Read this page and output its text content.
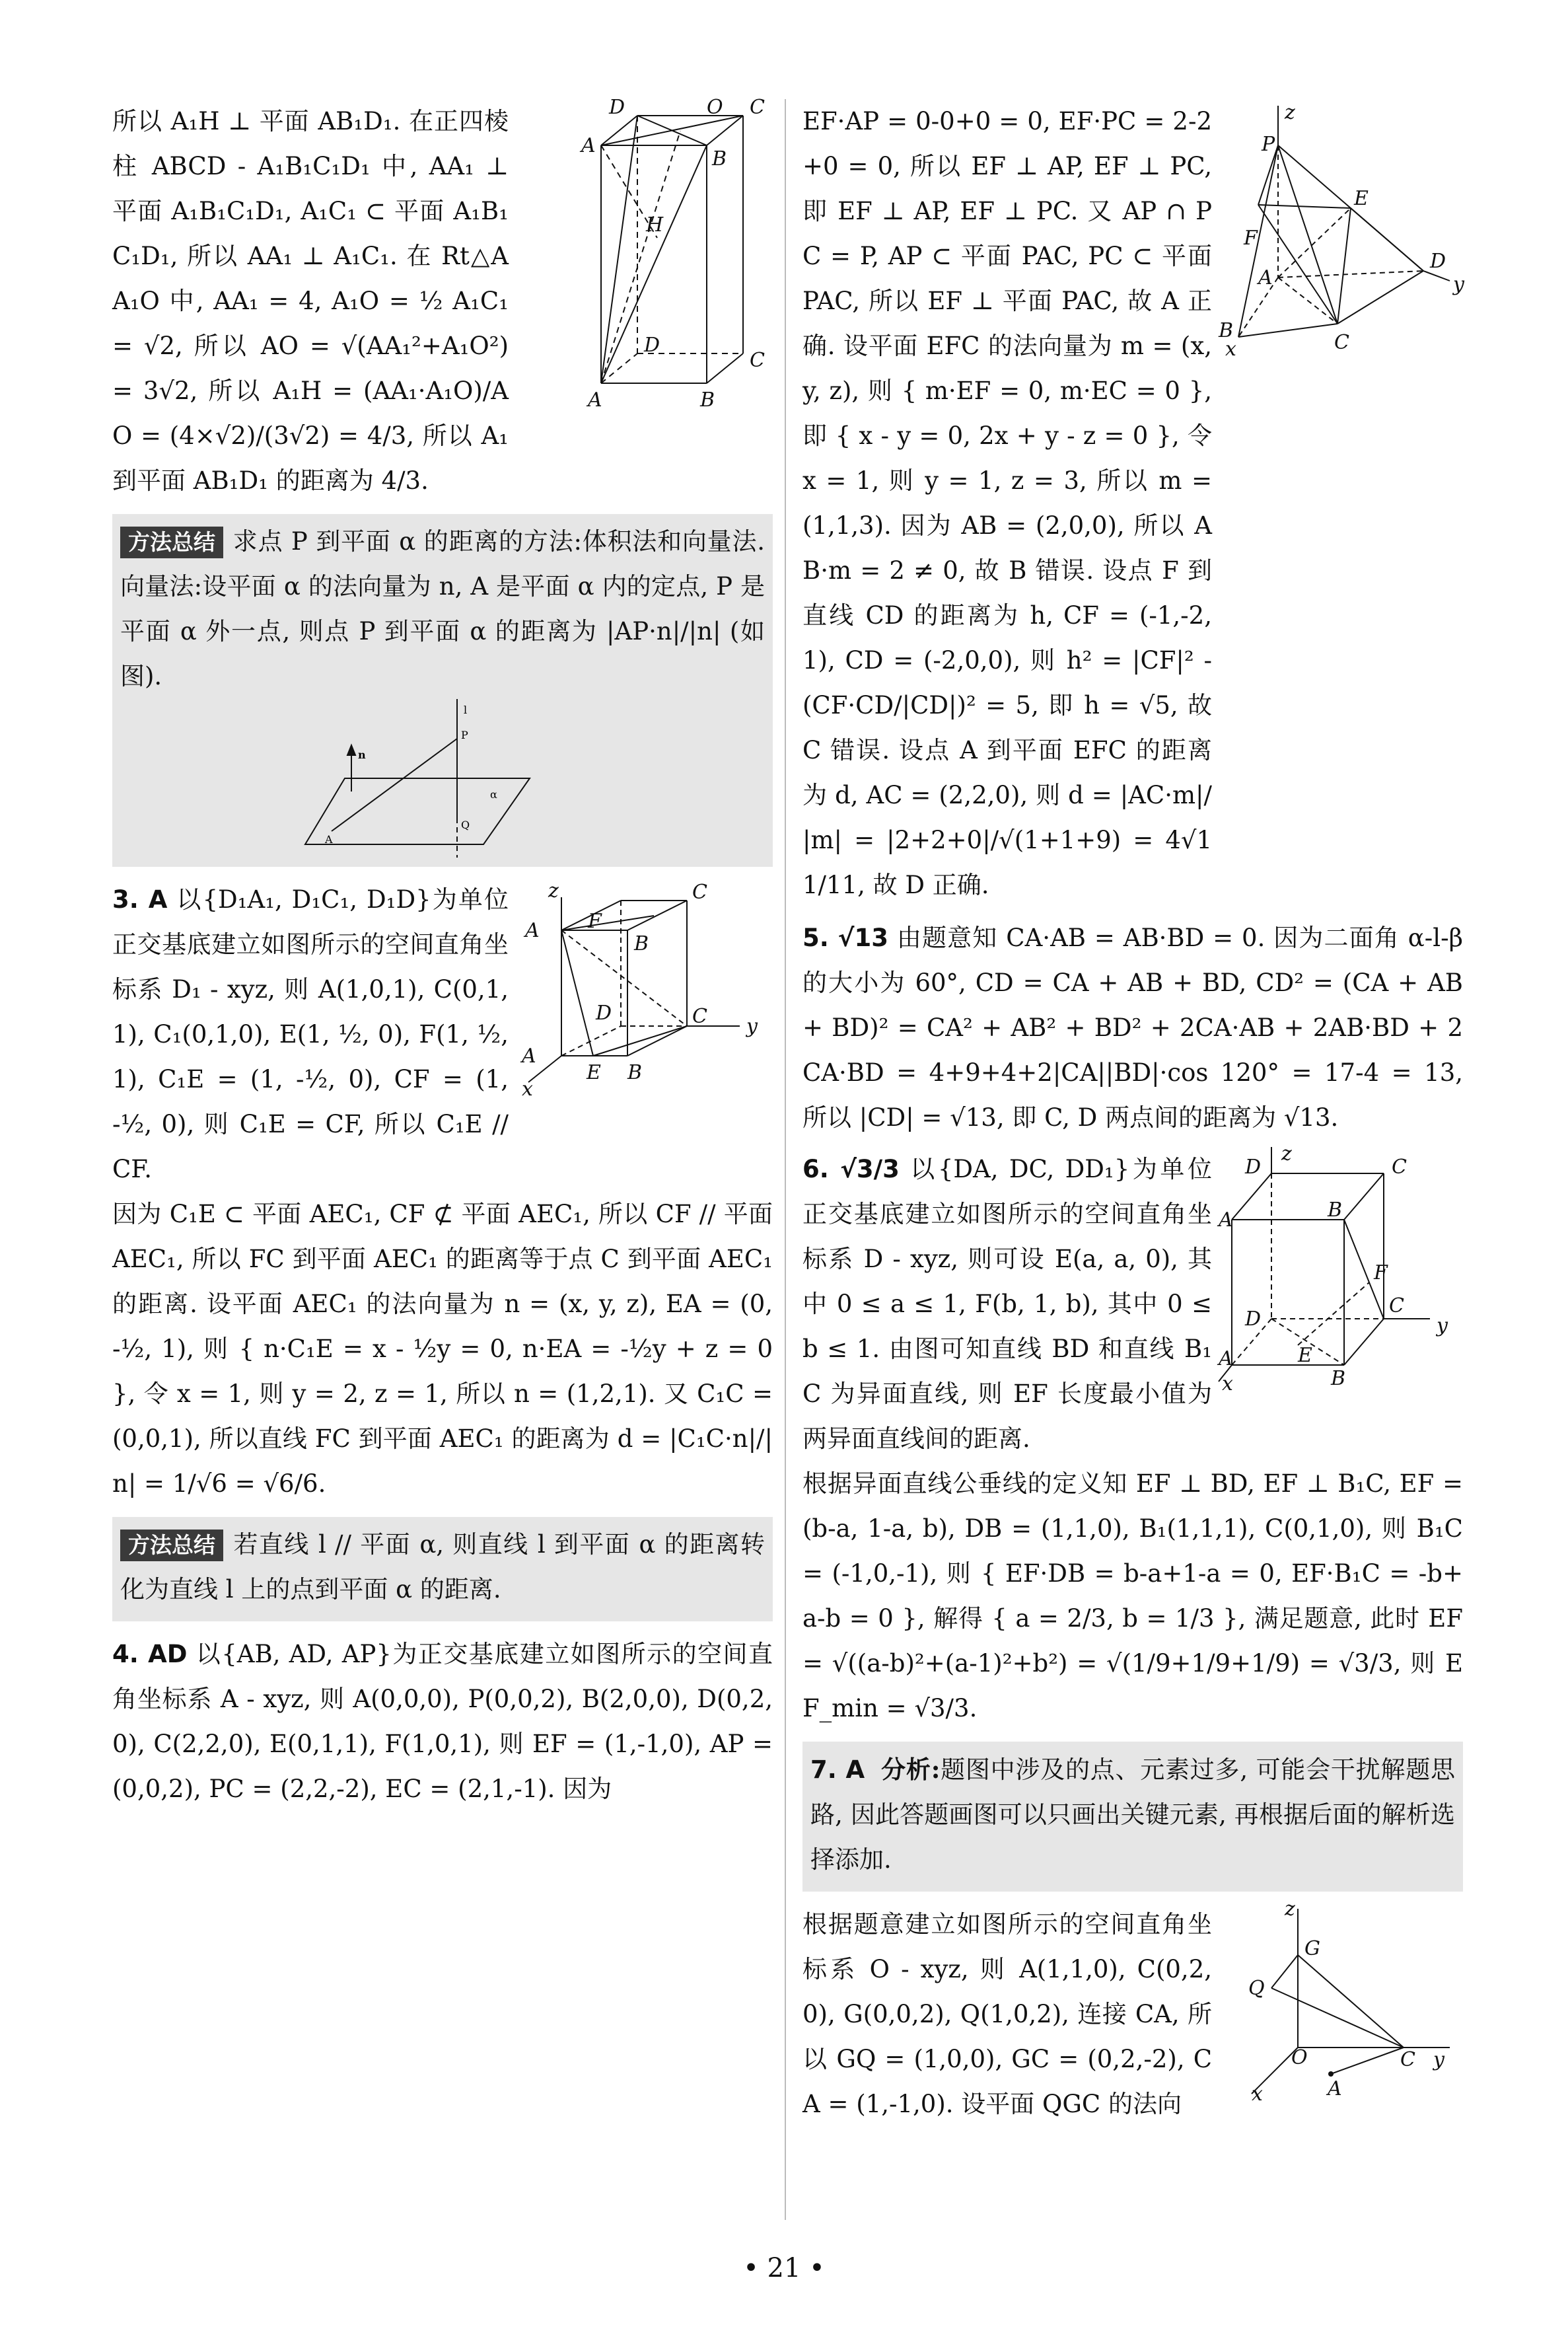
D	O C
A
B
H
D
C
A	B

所以 A₁H ⊥ 平面 AB₁D₁. 在正四棱柱 ABCD - A₁B₁C₁D₁ 中, AA₁ ⊥ 平面 A₁B₁C₁D₁, A₁C₁ ⊂ 平面 A₁B₁C₁D₁, 所以 AA₁ ⊥ A₁C₁. 在 Rt△AA₁O 中, AA₁ = 4, A₁O = ½ A₁C₁ = √2, 所以 AO = √(AA₁²+A₁O²) = 3√2, 所以 A₁H = (AA₁·A₁O)/AO = (4×√2)/(3√2) = 4/3, 所以 A₁ 到平面 AB₁D₁ 的距离为 4/3.

方法总结 求点 P 到平面 α 的距离的方法:体积法和向量法. 向量法:设平面 α 的法向量为 n, A 是平面 α 内的定点, P 是平面 α 外一点, 则点 P 到平面 α 的距离为 |AP·n|/|n| (如图).

l
P
n
α
Q
A
z	C
F
A
B
D	C y
A
E B
x

3. A 以{D₁A₁, D₁C₁, D₁D}为单位正交基底建立如图所示的空间直角坐标系 D₁ - xyz, 则 A(1,0,1), C(0,1,1), C₁(0,1,0), E(1, ½, 0), F(1, ½, 1), C₁E = (1, -½, 0), CF = (1, -½, 0), 则 C₁E = CF, 所以 C₁E // CF.

因为 C₁E ⊂ 平面 AEC₁, CF ⊄ 平面 AEC₁, 所以 CF // 平面 AEC₁, 所以 FC 到平面 AEC₁ 的距离等于点 C 到平面 AEC₁ 的距离. 设平面 AEC₁ 的法向量为 n = (x, y, z), EA = (0, -½, 1), 则 { n·C₁E = x - ½y = 0, n·EA = -½y + z = 0 }, 令 x = 1, 则 y = 2, z = 1, 所以 n = (1,2,1). 又 C₁C = (0,0,1), 所以直线 FC 到平面 AEC₁ 的距离为 d = |C₁C·n|/|n| = 1/√6 = √6/6.

方法总结 若直线 l // 平面 α, 则直线 l 到平面 α 的距离转化为直线 l 上的点到平面 α 的距离.

4. AD 以{AB, AD, AP}为正交基底建立如图所示的空间直角坐标系 A - xyz, 则 A(0,0,0), P(0,0,2), B(2,0,0), D(0,2,0), C(2,2,0), E(0,1,1), F(1,0,1), 则 EF = (1,-1,0), AP = (0,0,2), PC = (2,2,-2), EC = (2,1,-1). 因为

z
P
E
F
A
D
y
B
C
x

EF·AP = 0-0+0 = 0, EF·PC = 2-2+0 = 0, 所以 EF ⊥ AP, EF ⊥ PC, 即 EF ⊥ AP, EF ⊥ PC. 又 AP ∩ PC = P, AP ⊂ 平面 PAC, PC ⊂ 平面 PAC, 所以 EF ⊥ 平面 PAC, 故 A 正确. 设平面 EFC 的法向量为 m = (x, y, z), 则 { m·EF = 0, m·EC = 0 }, 即 { x - y = 0, 2x + y - z = 0 }, 令 x = 1, 则 y = 1, z = 3, 所以 m = (1,1,3). 因为 AB = (2,0,0), 所以 AB·m = 2 ≠ 0, 故 B 错误. 设点 F 到直线 CD 的距离为 h, CF = (-1,-2,1), CD = (-2,0,0), 则 h² = |CF|² - (CF·CD/|CD|)² = 5, 即 h = √5, 故 C 错误. 设点 A 到平面 EFC 的距离为 d, AC = (2,2,0), 则 d = |AC·m|/|m| = |2+2+0|/√(1+1+9) = 4√11/11, 故 D 正确.

5. √13 由题意知 CA·AB = AB·BD = 0. 因为二面角 α-l-β 的大小为 60°, CD = CA + AB + BD, CD² = (CA + AB + BD)² = CA² + AB² + BD² + 2CA·AB + 2AB·BD + 2CA·BD = 4+9+4+2|CA||BD|·cos 120° = 17-4 = 13, 所以 |CD| = √13, 即 C, D 两点间的距离为 √13.

z
D	C
A	B
F
D
C
y
A	E
B
x

6. √3/3 以{DA, DC, DD₁}为单位正交基底建立如图所示的空间直角坐标系 D - xyz, 则可设 E(a, a, 0), 其中 0 ≤ a ≤ 1, F(b, 1, b), 其中 0 ≤ b ≤ 1. 由图可知直线 BD 和直线 B₁C 为异面直线, 则 EF 长度最小值为两异面直线间的距离.

根据异面直线公垂线的定义知 EF ⊥ BD, EF ⊥ B₁C, EF = (b-a, 1-a, b), DB = (1,1,0), B₁(1,1,1), C(0,1,0), 则 B₁C = (-1,0,-1), 则 { EF·DB = b-a+1-a = 0, EF·B₁C = -b+a-b = 0 }, 解得 { a = 2/3, b = 1/3 }, 满足题意, 此时 EF = √((a-b)²+(a-1)²+b²) = √(1/9+1/9+1/9) = √3/3, 则 EF_min = √3/3.

7. A 分析:题图中涉及的点、元素过多, 可能会干扰解题思路, 因此答题画图可以只画出关键元素, 再根据后面的解析选择添加.

z
G
Q
O	C y
A
x

根据题意建立如图所示的空间直角坐标系 O - xyz, 则 A(1,1,0), C(0,2,0), G(0,0,2), Q(1,0,2), 连接 CA, 所以 GQ = (1,0,0), GC = (0,2,-2), CA = (1,-1,0). 设平面 QGC 的法向

• 21 •
